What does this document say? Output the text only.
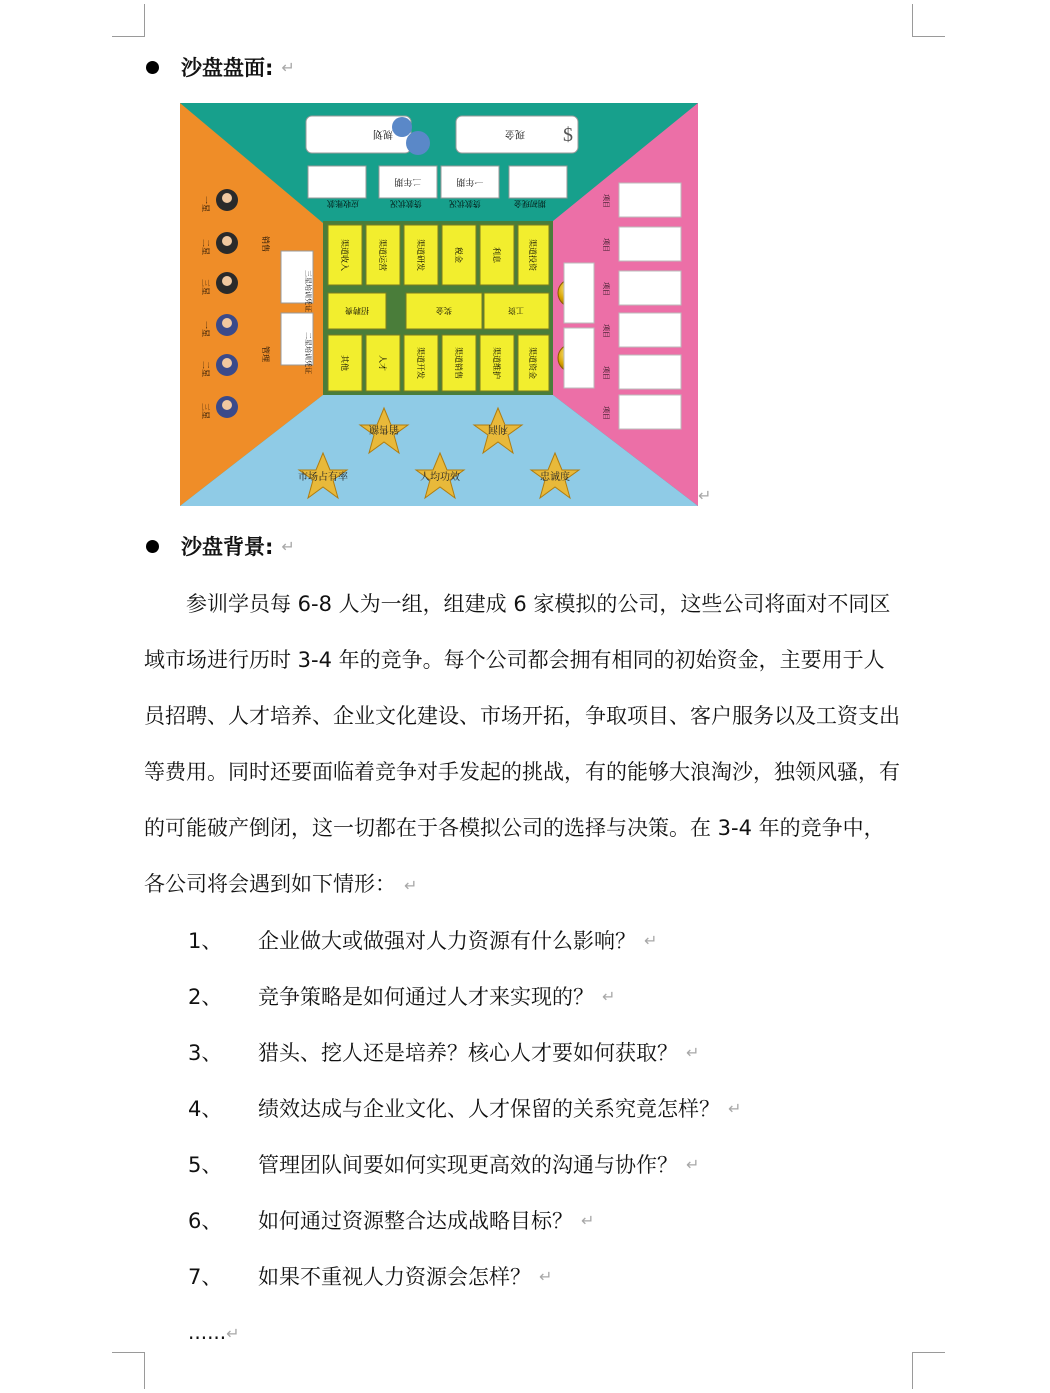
沙盘盘面: ↵
规划	现金 $
二年期	一年期
应收账款	贷款状况	贷款状况	期初现金
渠道收入	渠道运营	渠道研发	税金	利息	渠道投资
招聘费	奖金	工资
其他	人才	渠道开发	渠道销售	渠道维护	渠道资金
一星
二星
三星
一星
二星
三星
销售
管理
三星培训凭证
二星培训凭证
项目
项目
项目
项目
项目
项目
销售额	利润
市场占有率	人均功效	忠诚度
↵
沙盘背景: ↵
参训学员每 6-8 人为一组，组建成 6 家模拟的公司，这些公司将面对不同区
域市场进行历时 3-4 年的竞争。每个公司都会拥有相同的初始资金，主要用于人
员招聘、人才培养、企业文化建设、市场开拓，争取项目、客户服务以及工资支出
等费用。同时还要面临着竞争对手发起的挑战，有的能够大浪淘沙，独领风骚，有
的可能破产倒闭，这一切都在于各模拟公司的选择与决策。在 3-4 年的竞争中，
各公司将会遇到如下情形： ↵
1、	企业做大或做强对人力资源有什么影响？ ↵
2、	竞争策略是如何通过人才来实现的？ ↵
3、	猎头、挖人还是培养？核心人才要如何获取？ ↵
4、	绩效达成与企业文化、人才保留的关系究竟怎样？ ↵
5、	管理团队间要如何实现更高效的沟通与协作？ ↵
6、	如何通过资源整合达成战略目标？ ↵
7、	如果不重视人力资源会怎样？ ↵
......↵
